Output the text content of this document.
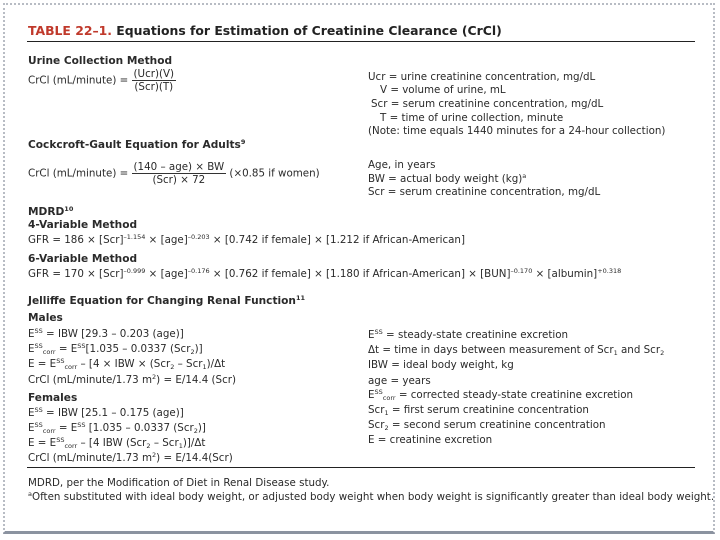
TABLE 22–1. Equations for Estimation of Creatinine Clearance (CrCl)
Urine Collection Method
CrCl (mL/minute) = $\frac{\text{(Ucr)(V)}}{\text{(Scr)(T)}}$	Ucr = urine creatinine concentration, mg/dL
V = volume of urine, mL
Scr = serum creatinine concentration, mg/dL
T = time of urine collection, minute
(Note: time equals 1440 minutes for a 24-hour collection)
Cockcroft-Gault Equation for Adults$^9$
CrCl (mL/minute) = $\frac{\text{(140 – age) × BW}}{\text{(Scr) × 72}} (\times 0.85$ if women)
Age, in years
BW = actual body weight (kg)$^a$
Scr = serum creatinine concentration, mg/dL
MDRD$^{10}$
4-Variable Method
GFR = 186 × [Scr]$^{-1.154}$ × [age]$^{-0.203}$ × [0.742 if female] × [1.212 if African-American]
6-Variable Method
GFR = 170 × [Scr]$^{-0.999}$ × [age]$^{-0.176}$ × [0.762 if female] × [1.180 if African-American] × [BUN]$^{-0.170}$ × [albumin]$^{+0.318}$
Jelliffe Equation for Changing Renal Function$^{11}$
Males
$E^{SS}$ = IBW [29.3 – 0.203 (age)]
$E^{SS}_{corr} = E^{SS}[1.035 - 0.0337$ (Scr$_2$)]
$E = E^{SS}_{corr} - [4$ × IBW × (Scr$_2$ – Scr$_1$)/Δt
CrCl (mL/minute/1.73 $m^2) = E/14.4$ (Scr)
Females
$E^{SS}$ = IBW [25.1 – 0.175 (age)]
$E^{SS}_{corr} = E^{SS}$ [1.035 – 0.0337 (Scr$_2$)]
$E = E^{SS}_{corr} - [4$ IBW (Scr$_2$ – Scr$_1$)]/Δt
CrCl (mL/minute/1.73 $m^2) = E/14.4(Scr)$
$E^{SS}$ = steady-state creatinine excretion
Δt = time in days between measurement of Scr$_1$ and Scr$_2$
IBW = ideal body weight, kg
age = years
$E^{SS}_{corr}$ = corrected steady-state creatinine excretion
Scr$_1$ = first serum creatinine concentration
Scr$_2$ = second serum creatinine concentration
E = creatinine excretion
MDRD, per the Modification of Diet in Renal Disease study.
$^a$Often substituted with ideal body weight, or adjusted body weight when body weight is significantly greater than ideal body weight.
